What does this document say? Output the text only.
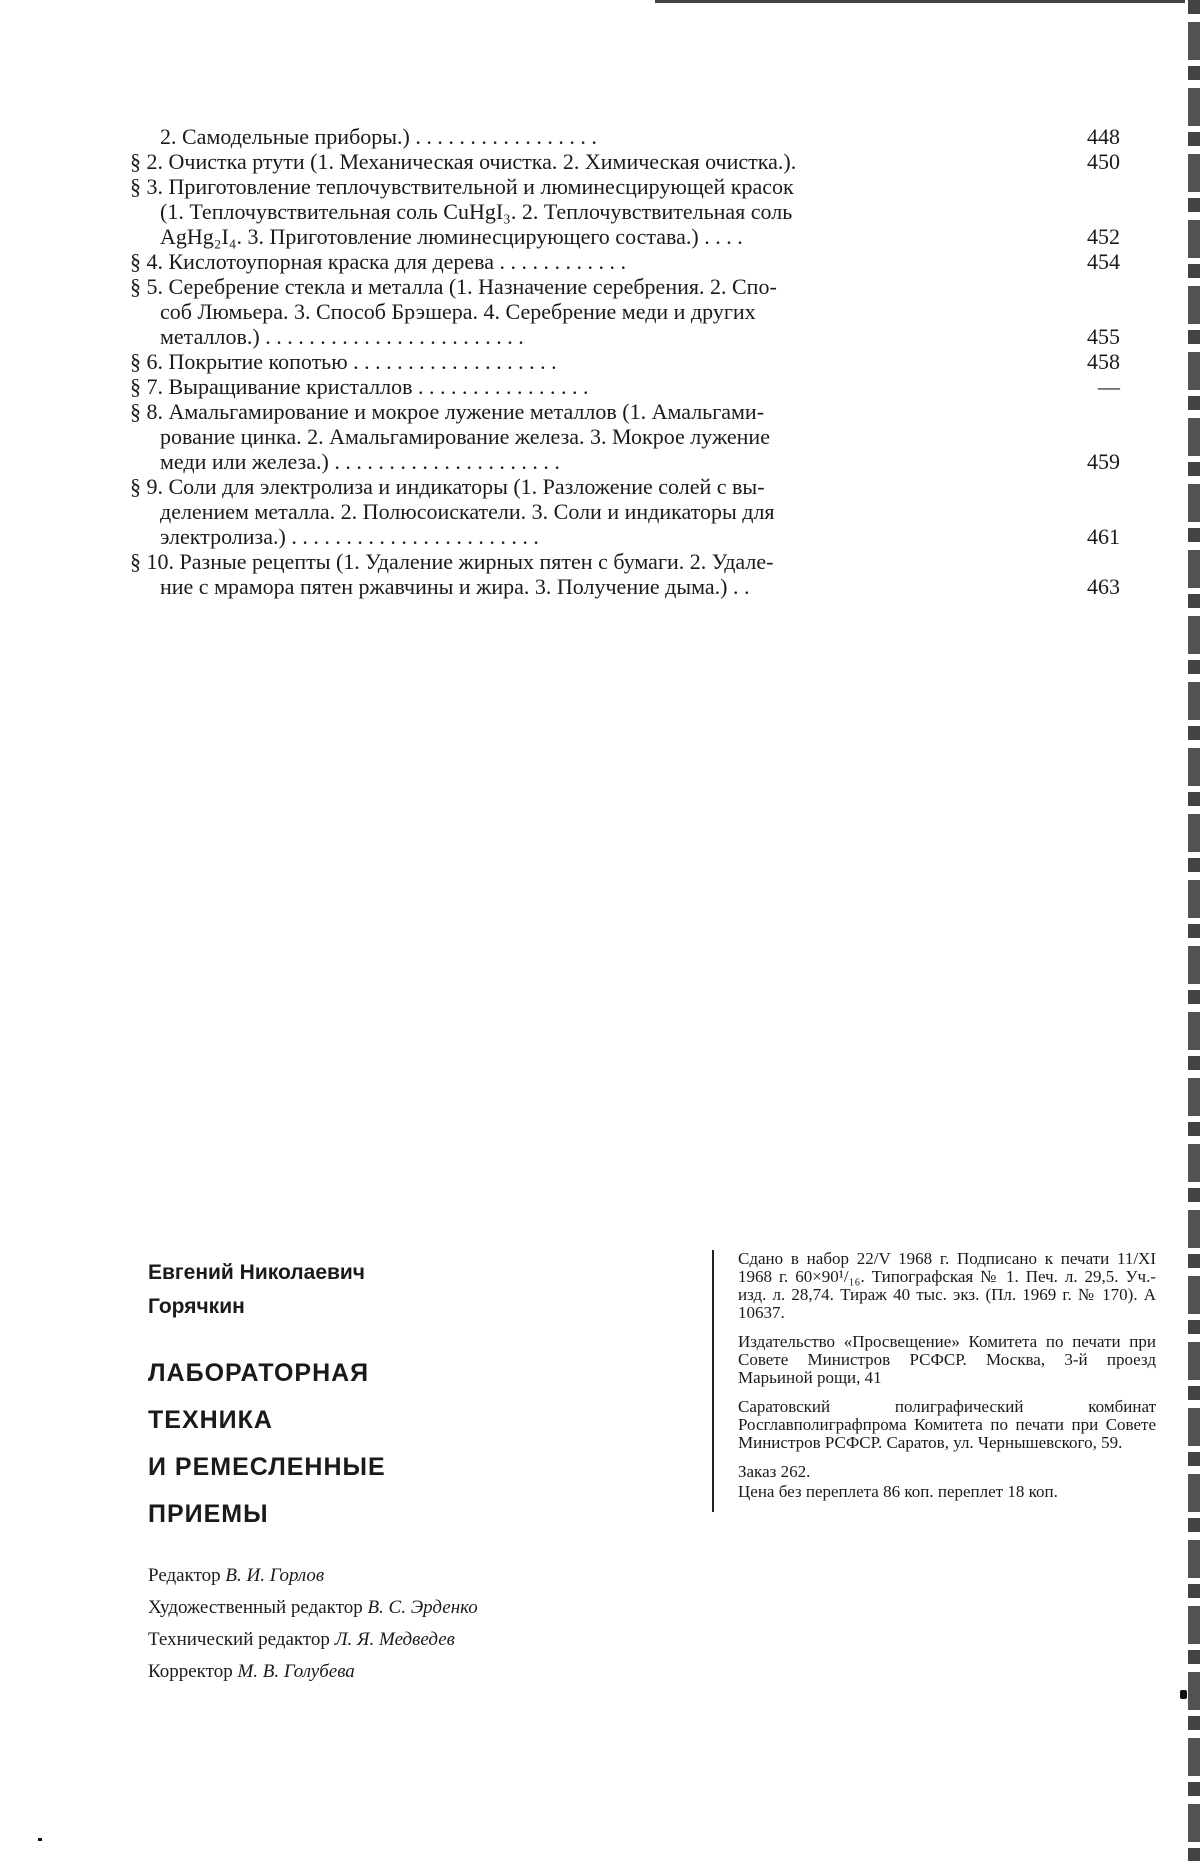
2. Самодельные приборы.) . . . . . . . . . . . . . . . . .	448
§ 2. Очистка ртути (1. Механическая очистка. 2. Химическая очистка.).	450
§ 3. Приготовление теплочувствительной и люминесцирующей красок
(1. Теплочувствительная соль CuHgI₃. 2. Теплочувствительная соль
AgHg₂I₄. 3. Приготовление люминесцирующего состава.) . . . .	452
§ 4. Кислотоупорная краска для дерева . . . . . . . . . . . .	454
§ 5. Серебрение стекла и металла (1. Назначение серебрения. 2. Спо-
соб Люмьера. 3. Способ Брэшера. 4. Серебрение меди и других
металлов.) . . . . . . . . . . . . . . . . . . . . . . . .	455
§ 6. Покрытие копотью . . . . . . . . . . . . . . . . . . .	458
§ 7. Выращивание кристаллов . . . . . . . . . . . . . . . .	—
§ 8. Амальгамирование и мокрое лужение металлов (1. Амальгами-
рование цинка. 2. Амальгамирование железа. 3. Мокрое лужение
меди или железа.) . . . . . . . . . . . . . . . . . . . . .	459
§ 9. Соли для электролиза и индикаторы (1. Разложение солей с вы-
делением металла. 2. Полюсоискатели. 3. Соли и индикаторы для
электролиза.) . . . . . . . . . . . . . . . . . . . . . . .	461
§ 10. Разные рецепты (1. Удаление жирных пятен с бумаги. 2. Удале-
ние с мрамора пятен ржавчины и жира. 3. Получение дыма.) . .	463

Евгений Николаевич

Горячкин

ЛАБОРАТОРНАЯ
ТЕХНИКА
И РЕМЕСЛЕННЫЕ
ПРИЕМЫ
Редактор В. И. Горлов
Художественный редактор В. С. Эрденко
Технический редактор Л. Я. Медведев
Корректор М. В. Голубева

Сдано в набор 22/V 1968 г. Подписано к печати 11/XI 1968 г. 60×90¹/₁₆. Типографская № 1. Печ. л. 29,5. Уч.-изд. л. 28,74. Тираж 40 тыс. экз. (Пл. 1969 г. № 170). А 10637.

Издательство «Просвещение» Комитета по печати при Совете Министров РСФСР. Москва, 3-й проезд Марьиной рощи, 41

Саратовский полиграфический комбинат Росглавполиграфпрома Комитета по печати при Совете Министров РСФСР. Саратов, ул. Чернышевского, 59.

Заказ 262.

Цена без переплета 86 коп. переплет 18 коп.
